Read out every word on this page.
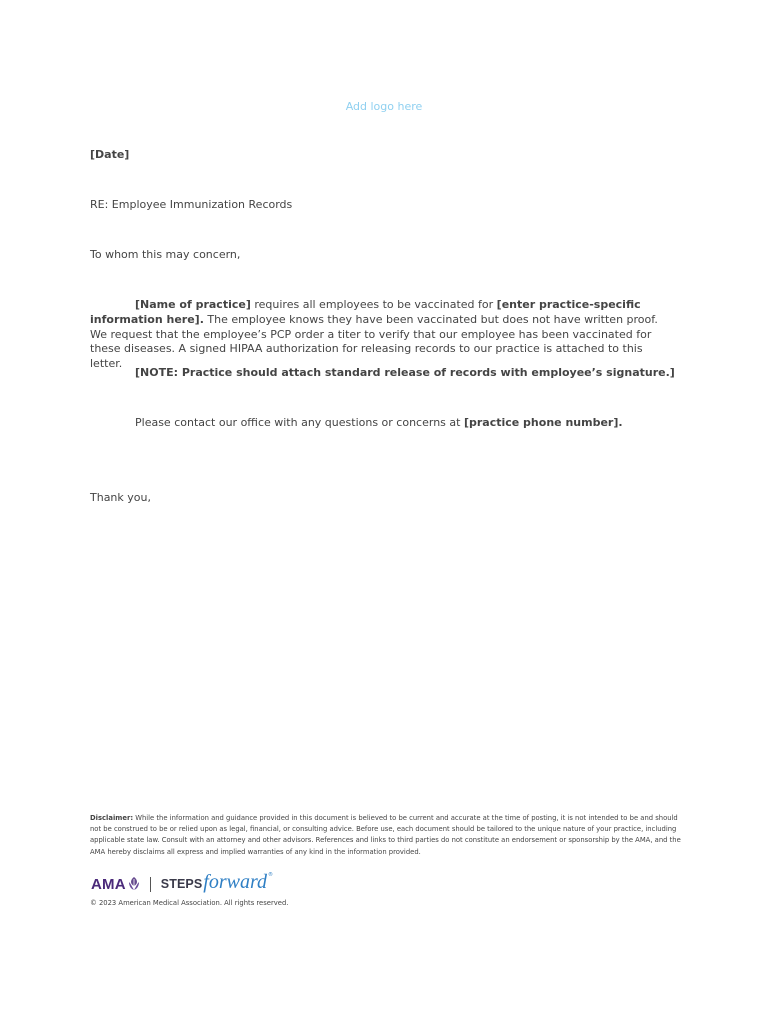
Add logo here
[Date]
RE: Employee Immunization Records
To whom this may concern,
[Name of practice] requires all employees to be vaccinated for [enter practice-specific information here]. The employee knows they have been vaccinated but does not have written proof. We request that the employee’s PCP order a titer to verify that our employee has been vaccinated for these diseases. A signed HIPAA authorization for releasing records to our practice is attached to this letter.
[NOTE: Practice should attach standard release of records with employee’s signature.]
Please contact our office with any questions or concerns at [practice phone number].
Thank you,
Disclaimer: While the information and guidance provided in this document is believed to be current and accurate at the time of posting, it is not intended to be and should not be construed to be or relied upon as legal, financial, or consulting advice. Before use, each document should be tailored to the unique nature of your practice, including applicable state law. Consult with an attorney and other advisors. References and links to third parties do not constitute an endorsement or sponsorship by the AMA, and the AMA hereby disclaims all express and implied warranties of any kind in the information provided.
AMA	STEPS forward ®
© 2023 American Medical Association. All rights reserved.
